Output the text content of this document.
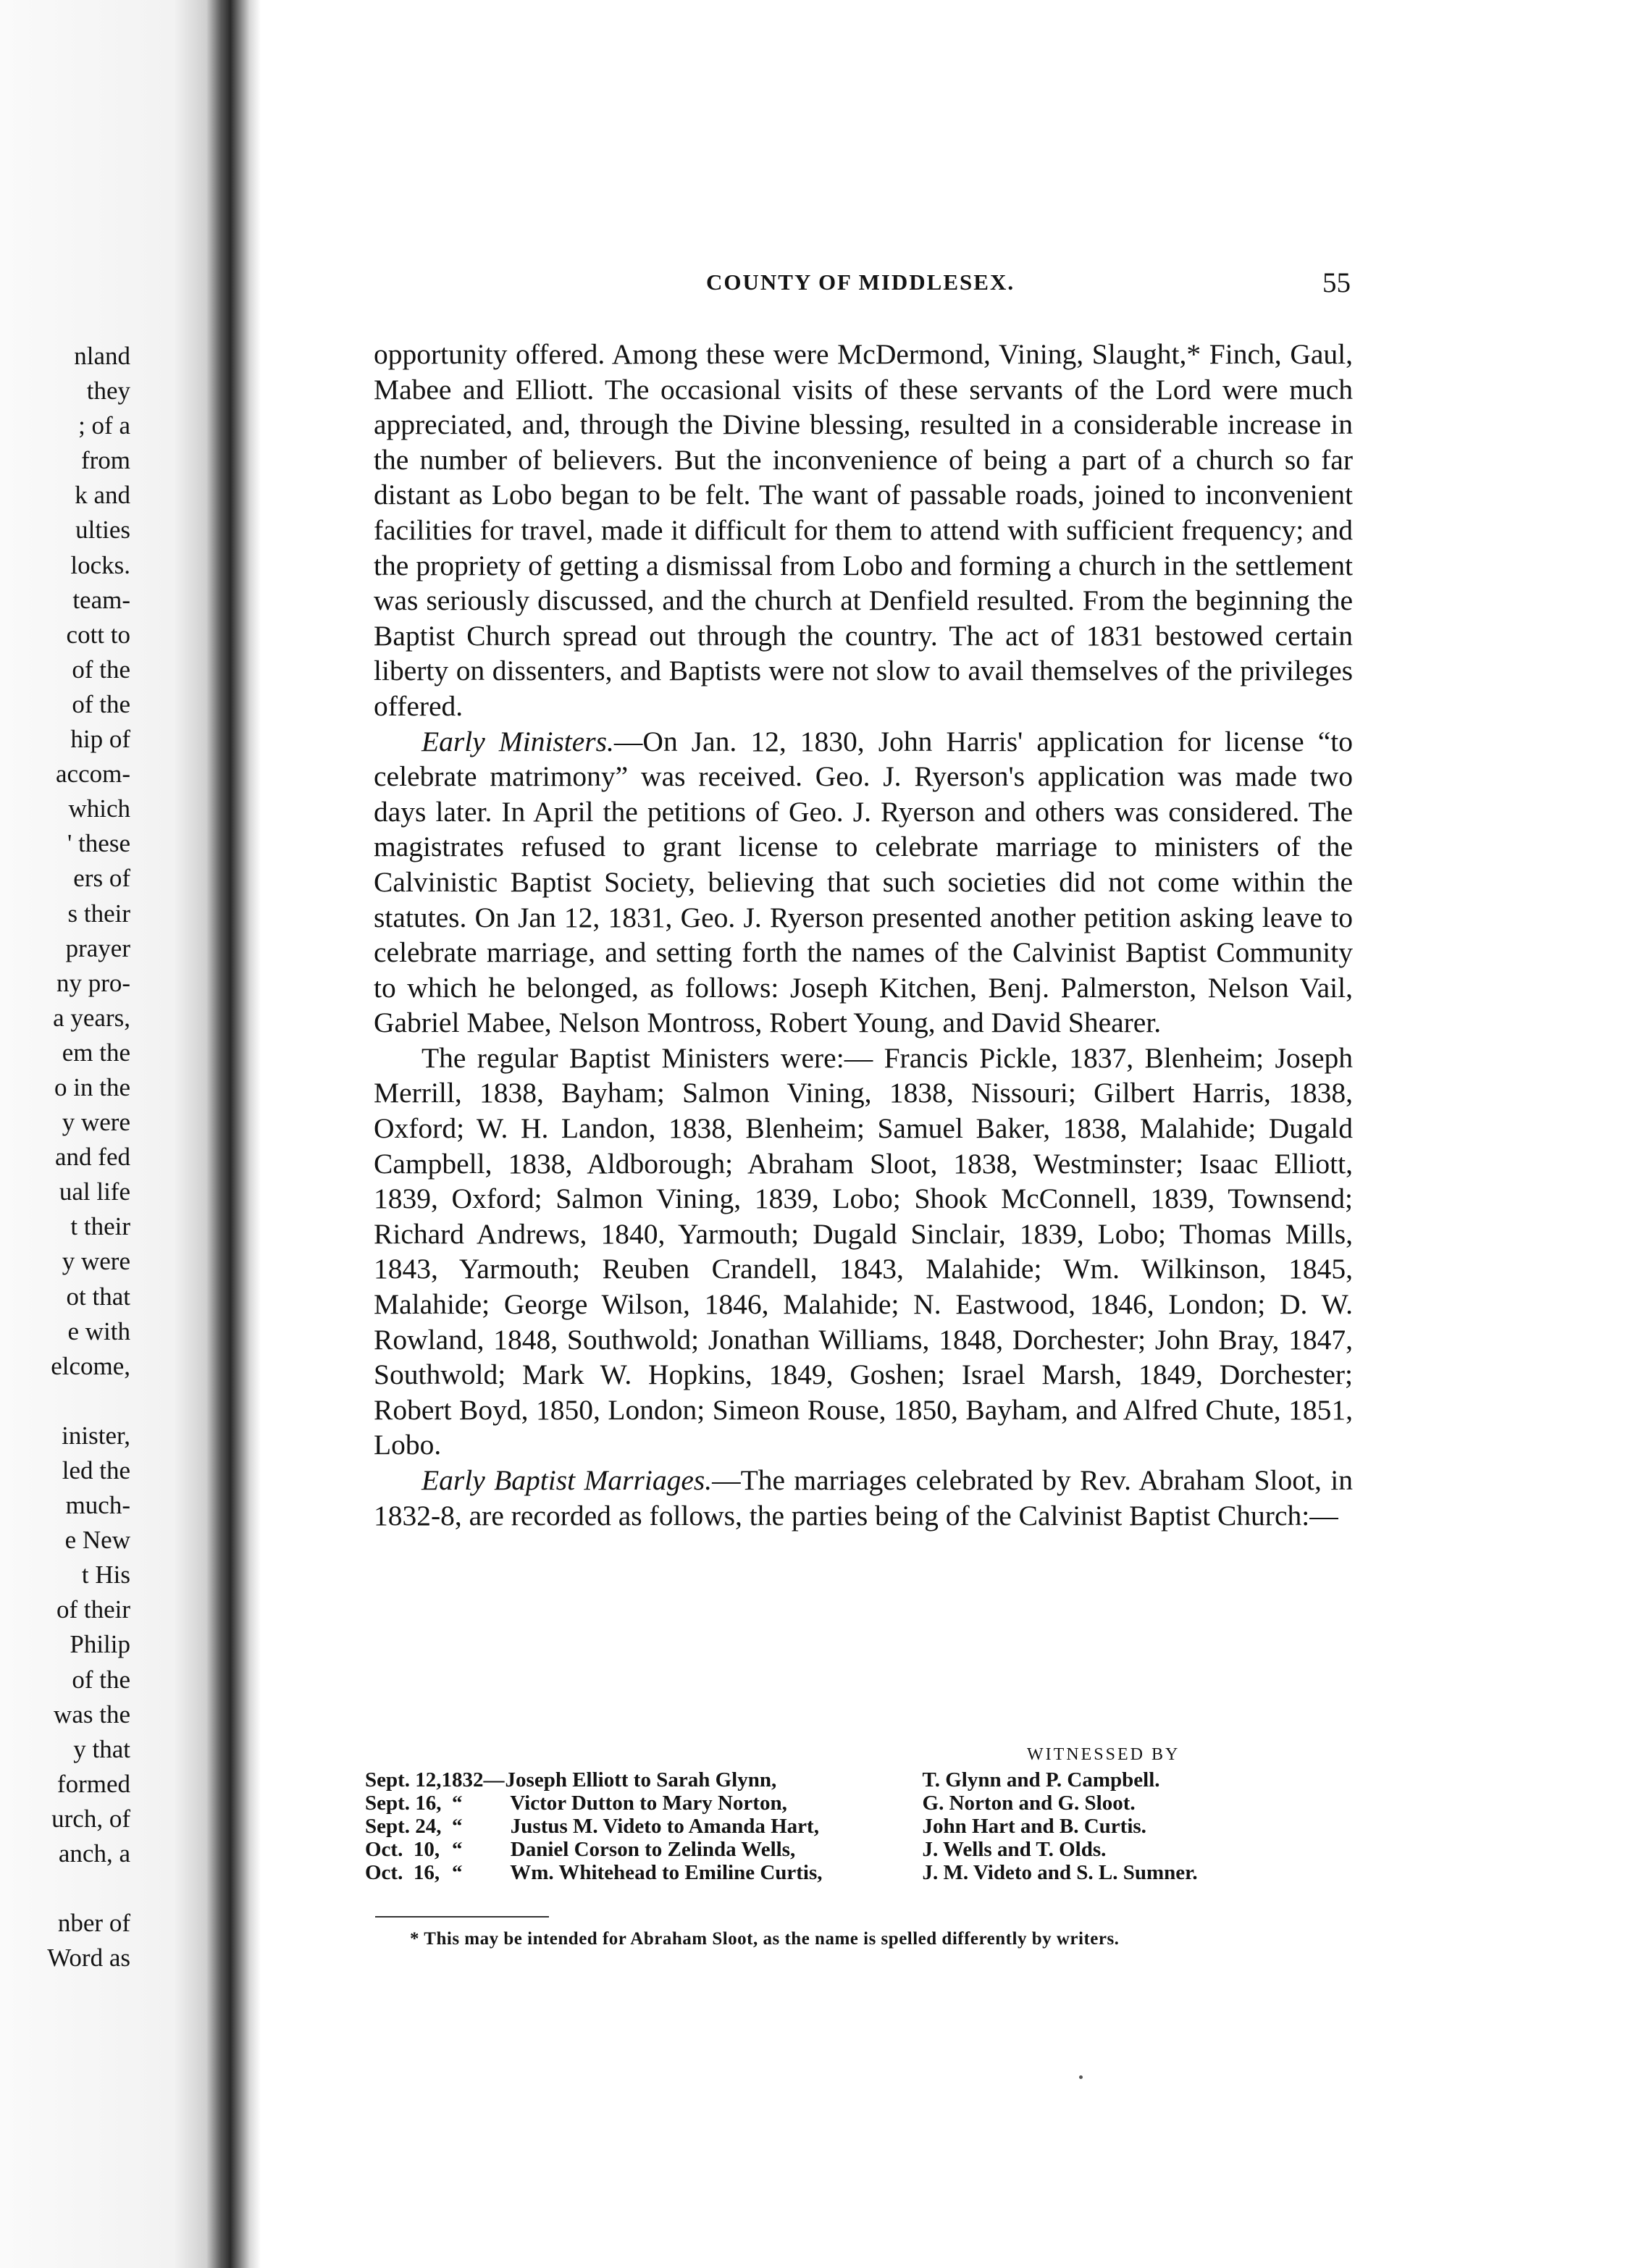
nland
they
; of a
from
k and
ulties
locks.
team-
cott to
of the
of the
hip of
accom-
which
' these
ers of
s their
prayer
ny pro-
a years,
em the
o in the
y were
and fed
ual life
t their
y were
ot that
e with
elcome,

inister,
led the
much-
e New
t His
of their
Philip
of the
was the
y that
formed
urch, of
anch, a

nber of
Word as
COUNTY OF MIDDLESEX.	55

opportunity offered. Among these were McDermond, Vining, Slaught,* Finch, Gaul, Mabee and Elliott. The occasional visits of these servants of the Lord were much appreciated, and, through the Divine blessing, resulted in a considerable increase in the number of believers. But the inconvenience of being a part of a church so far distant as Lobo began to be felt. The want of passable roads, joined to inconvenient facilities for travel, made it difficult for them to attend with sufficient frequency; and the propriety of getting a dismissal from Lobo and forming a church in the settlement was seriously discussed, and the church at Denfield resulted. From the beginning the Baptist Church spread out through the country. The act of 1831 bestowed certain liberty on dissenters, and Baptists were not slow to avail themselves of the privileges offered.

Early Ministers.—On Jan. 12, 1830, John Harris' application for license “to celebrate matrimony” was received. Geo. J. Ryerson's application was made two days later. In April the petitions of Geo. J. Ryerson and others was considered. The magistrates refused to grant license to celebrate marriage to ministers of the Calvinistic Baptist Society, believing that such societies did not come within the statutes. On Jan 12, 1831, Geo. J. Ryerson presented another petition asking leave to celebrate marriage, and setting forth the names of the Calvinist Baptist Community to which he belonged, as follows: Joseph Kitchen, Benj. Palmerston, Nelson Vail, Gabriel Mabee, Nelson Montross, Robert Young, and David Shearer.

The regular Baptist Ministers were:— Francis Pickle, 1837, Blenheim; Joseph Merrill, 1838, Bayham; Salmon Vining, 1838, Nissouri; Gilbert Harris, 1838, Oxford; W. H. Landon, 1838, Blenheim; Samuel Baker, 1838, Malahide; Dugald Campbell, 1838, Aldborough; Abraham Sloot, 1838, Westminster; Isaac Elliott, 1839, Oxford; Salmon Vining, 1839, Lobo; Shook McConnell, 1839, Townsend; Richard Andrews, 1840, Yarmouth; Dugald Sinclair, 1839, Lobo; Thomas Mills, 1843, Yarmouth; Reuben Crandell, 1843, Malahide; Wm. Wilkinson, 1845, Malahide; George Wilson, 1846, Malahide; N. Eastwood, 1846, London; D. W. Rowland, 1848, Southwold; Jonathan Williams, 1848, Dorchester; John Bray, 1847, Southwold; Mark W. Hopkins, 1849, Goshen; Israel Marsh, 1849, Dorchester; Robert Boyd, 1850, London; Simeon Rouse, 1850, Bayham, and Alfred Chute, 1851, Lobo.

Early Baptist Marriages.—The marriages celebrated by Rev. Abraham Sloot, in 1832-8, are recorded as follows, the parties being of the Calvinist Baptist Church:—

WITNESSED BY
Sept. 12,	1832—	Joseph Elliott to Sarah Glynn,	T. Glynn and P. Campbell.
Sept. 16,	“	Victor Dutton to Mary Norton,	G. Norton and G. Sloot.
Sept. 24,	“	Justus M. Videto to Amanda Hart,	John Hart and B. Curtis.
Oct.  10,	“	Daniel Corson to Zelinda Wells,	J. Wells and T. Olds.
Oct.  16,	“	Wm. Whitehead to Emiline Curtis,	J. M. Videto and S. L. Sumner.
* This may be intended for Abraham Sloot, as the name is spelled differently by writers.
